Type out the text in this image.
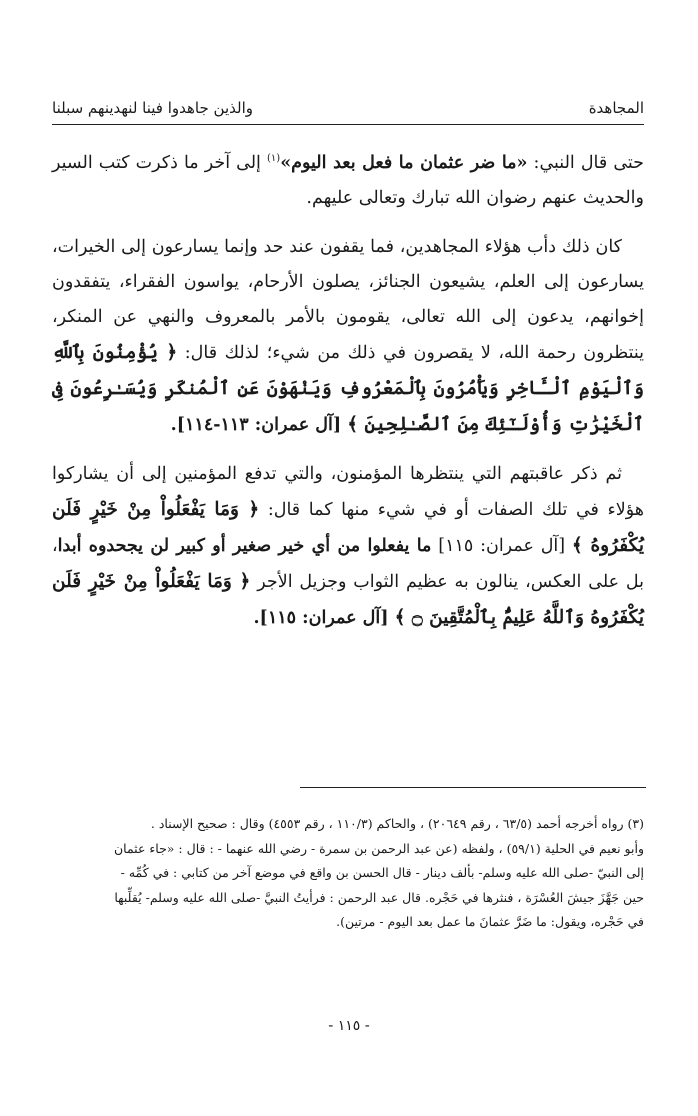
المجاهدة
والذين جاهدوا فينا لنهدينهم سبلنا

حتى قال النبي: «ما ضر عثمان ما فعل بعد اليوم»$^{(١)}$ إلى آخر ما ذكرت كتب السير والحديث عنهم رضوان الله تبارك وتعالى عليهم.

كان ذلك دأب هؤلاء المجاهدين، فما يقفون عند حد وإنما يسارعون إلى الخيرات، يسارعون إلى العلم، يشيعون الجنائز، يصلون الأرحام، يواسون الفقراء، يتفقدون إخوانهم، يدعون إلى الله تعالى، يقومون بالأمر بالمعروف والنهي عن المنكر، ينتظرون رحمة الله، لا يقصرون في ذلك من شيء؛ لذلك قال: ﴿ يُؤْمِنُونَ بِٱللَّهِ وَٱلْيَوْمِ ٱلْـَٔاخِرِ وَيَأْمُرُونَ بِٱلْمَعْرُوفِ وَيَنْهَوْنَ عَنِ ٱلْمُنكَرِ وَيُسَـٰرِعُونَ فِى ٱلْخَيْرَٰتِ وَأُوْلَـٰٓئِكَ مِنَ ٱلصَّـٰلِحِينَ ﴾ [آل عمران: ١١٣-١١٤].

ثم ذكر عاقبتهم التي ينتظرها المؤمنون، والتي تدفع المؤمنين إلى أن يشاركوا هؤلاء في تلك الصفات أو في شيء منها كما قال: ﴿ وَمَا يَفْعَلُواْ مِنْ خَيْرٍ فَلَن يُكْفَرُوهُ ﴾ [آل عمران: ١١٥] ما يفعلوا من أي خير صغير أو كبير لن يجحدوه أبدا، بل على العكس، ينالون به عظيم الثواب وجزيل الأجر ﴿ وَمَا يَفْعَلُواْ مِنْ خَيْرٍ فَلَن يُكْفَرُوهُ وَٱللَّهُ عَلِيمٌۢ بِٱلْمُتَّقِينَ ۝ ﴾ [آل عمران: ١١٥].

(٣) رواه أخرجه أحمد (٦٣/٥ ، رقم ٢٠٦٤٩) ، والحاكم (١١٠/٣ ، رقم ٤٥٥٣) وقال : صحيح الإسناد .

وأبو نعيم في الحلية (٥٩/١) ، ولفظه (عن عبد الرحمن بن سمرة - رضي الله عنهما - : قال : «جاء عثمان

إلى النبيّ -صلى الله عليه وسلم- بألف دينار - قال الحسن بن واقع في موضع آخر من كتابي : في كُمِّه -

حين جَهَّزَ جيشَ العُسْرَة ، فنثرها في حَجْره. قال عبد الرحمن : فرأيتُ النبيَّ -صلى الله عليه وسلم- يُقلِّبها

في حَجْره، ويقول: ما ضَرَّ عثمانَ ما عمل بعد اليوم - مرتين).

- ١١٥ -
